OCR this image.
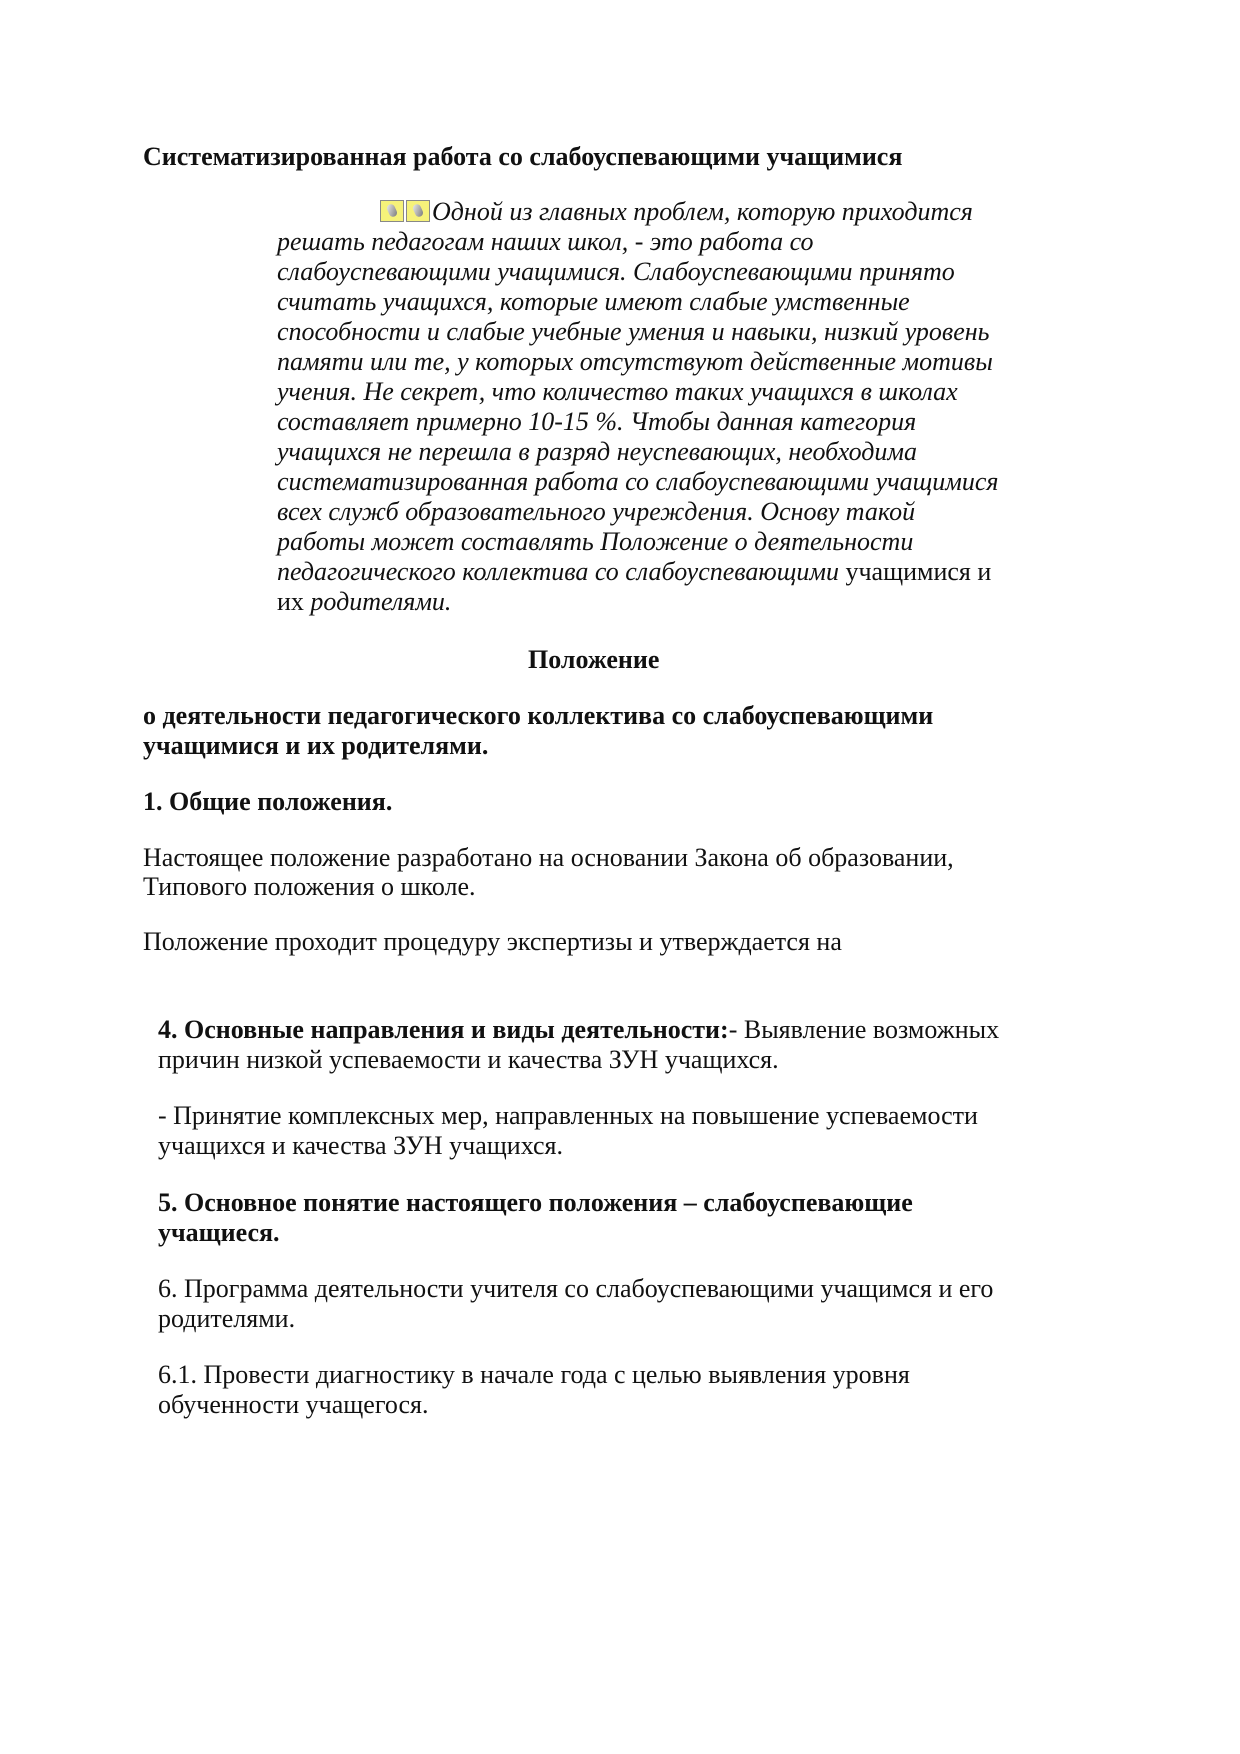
Систематизированная работа со слабоуспевающими учащимися
Одной из главных проблем, которую приходится
решать педагогам наших школ, - это работа со
слабоуспевающими учащимися. Слабоуспевающими принято
считать учащихся, которые имеют слабые умственные
способности и слабые учебные умения и навыки, низкий уровень
памяти или те, у которых отсутствуют действенные мотивы
учения. Не секрет, что количество таких учащихся в школах
составляет примерно 10-15 %. Чтобы данная категория
учащихся не перешла в разряд неуспевающих, необходима
систематизированная работа со слабоуспевающими учащимися
всех служб образовательного учреждения. Основу такой
работы может составлять Положение о деятельности
педагогического коллектива со слабоуспевающими учащимися и
их родителями.
Положение
о деятельности педагогического коллектива со слабоуспевающими
учащимися и их родителями.
1. Общие положения.
Настоящее положение разработано на основании Закона об образовании,
Типового положения о школе.
Положение проходит процедуру экспертизы и утверждается на
4. Основные направления и виды деятельности:- Выявление возможных
причин низкой успеваемости и качества ЗУН учащихся.
- Принятие комплексных мер, направленных на повышение успеваемости
учащихся и качества ЗУН учащихся.
5. Основное понятие настоящего положения – слабоуспевающие
учащиеся.
6. Программа деятельности учителя со слабоуспевающими учащимся и его
родителями.
6.1. Провести диагностику в начале года с целью выявления уровня
обученности учащегося.
